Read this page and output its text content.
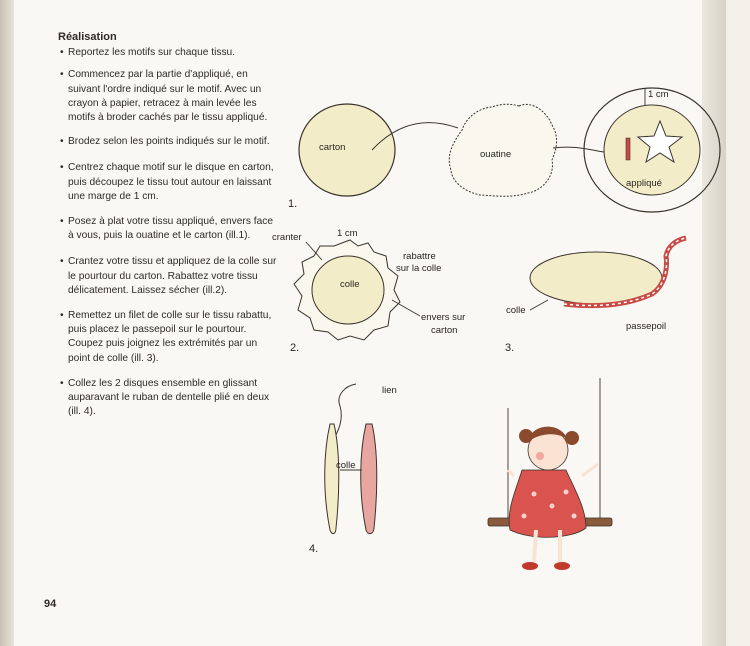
Réalisation
• Reportez les motifs sur chaque tissu.
• Commencez par la partie d'appliqué, en suivant l'ordre indiqué sur le motif. Avec un crayon à papier, retracez à main levée les motifs à broder cachés par le tissu appliqué.
• Brodez selon les points indiqués sur le motif.
• Centrez chaque motif sur le disque en carton, puis découpez le tissu tout autour en laissant une marge de 1 cm.
• Posez à plat votre tissu appliqué, envers face à vous, puis la ouatine et le carton (ill.1).
• Crantez votre tissu et appliquez de la colle sur le pourtour du carton. Rabattez votre tissu délicatement. Laissez sécher (ill.2).
• Remettez un filet de colle sur le tissu rabattu, puis placez le passepoil sur le pourtour. Coupez puis joignez les extrémités par un point de colle (ill. 3).
• Collez les 2 disques ensemble en glissant auparavant le ruban de dentelle plié en deux (ill. 4).
94
carton
ouatine
1 cm
appliqué
1.
colle
cranter	1 cm
rabattre
sur la colle
envers sur
carton
2.
colle
passepoil
3.
lien
colle
4.
